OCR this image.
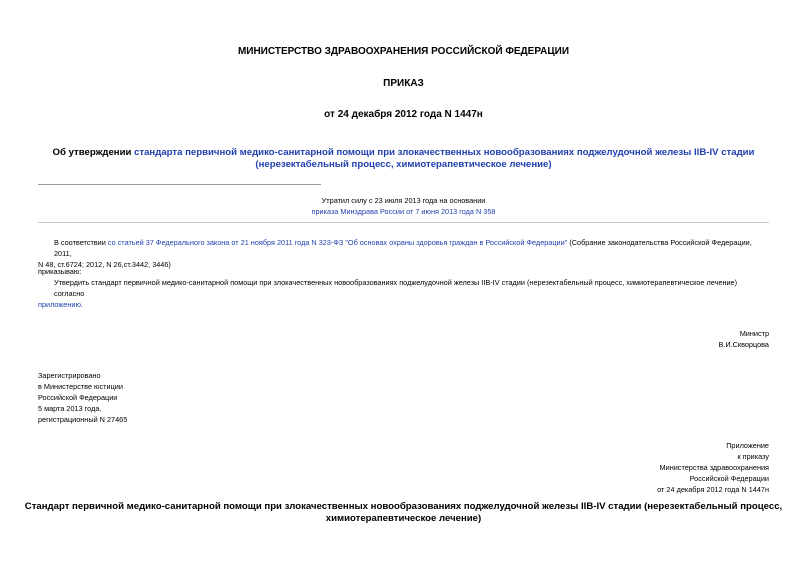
МИНИСТЕРСТВО ЗДРАВООХРАНЕНИЯ РОССИЙСКОЙ ФЕДЕРАЦИИ
ПРИКАЗ
от 24 декабря 2012 года N 1447н
Об утверждении стандарта первичной медико-санитарной помощи при злокачественных новообразованиях поджелудочной железы IIB-IV стадии
(нерезектабельный процесс, химиотерапевтическое лечение)
Утратил силу с 23 июля 2013 года на основании
приказа Минздрава России от 7 июня 2013 года N 358
В соответствии со статьей 37 Федерального закона от 21 ноября 2011 года N 323-ФЗ "Об основах охраны здоровья граждан в Российской Федерации" (Собрание законодательства Российской Федерации, 2011,
N 48, ст.6724; 2012, N 26,ст.3442, 3446)
приказываю:
Утвердить стандарт первичной медико-санитарной помощи при злокачественных новообразованиях поджелудочной железы IIB-IV стадии (нерезектабельный процесс, химиотерапевтическое лечение) согласно
приложению.
Министр
В.И.Скворцова
Зарегистрировано
в Министерстве юстиции
Российской Федерации
5 марта 2013 года,
регистрационный N 27465
Приложение
к приказу
Министерства здравоохранения
Российской Федерации
от 24 декабря 2012 года N 1447н
Стандарт первичной медико-санитарной помощи при злокачественных новообразованиях поджелудочной железы IIB-IV стадии (нерезектабельный процесс,
химиотерапевтическое лечение)
